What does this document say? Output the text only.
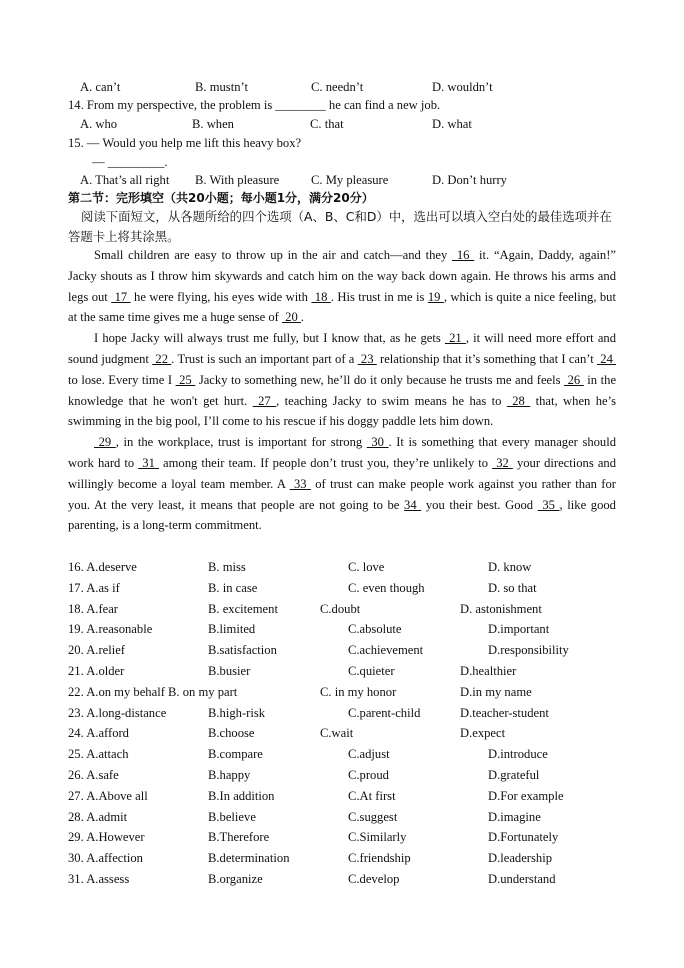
A. can’t	B. mustn’t	C. needn’t	D. wouldn’t
14. From my perspective, the problem is ________ he can find a new job.
A. who	B. when	C. that	D. what
15. — Would you help me lift this heavy box?
— _________.
A. That’s all right B. With pleasure	C. My pleasure	D. Don’t hurry
第二节：完形填空（共20小题；每小题1分，满分20分）
阅读下面短文，从各题所给的四个选项（A、B、C和D）中，选出可以填入空白处的最佳选项并在答题卡上将其涂黑。

Small children are easy to throw up in the air and catch—and they  16  it. “Again, Daddy, again!” Jacky shouts as I throw him skywards and catch him on the way back down again. He throws his arms and legs out  17  he were flying, his eyes wide with  18 . His trust in me is 19 , which is quite a nice feeling, but at the same time gives me a huge sense of  20 .

I hope Jacky will always trust me fully, but I know that, as he gets  21 , it will need more effort and sound judgment  22 . Trust is such an important part of a  23  relationship that it’s something that I can’t  24  to lose. Every time I  25  Jacky to something new, he’ll do it only because he trusts me and feels  26  in the knowledge that he won't get hurt.  27 , teaching Jacky to swim means he has to  28  that, when he’s swimming in the big pool, I’ll come to his rescue if his doggy paddle lets him down.

29 , in the workplace, trust is important for strong  30 . It is something that every manager should work hard to  31  among their team. If people don’t trust you, they’re unlikely to  32  your directions and willingly become a loyal team member. A  33  of trust can make people work against you rather than for you. At the very least, it means that people are not going to be 34  you their best. Good  35 , like good parenting, is a long-term commitment.

16. A.deserve	B. miss	C. love	D. know
17. A.as if	B. in case	C. even though	D. so that
18. A.fear	B. excitement	C.doubt	D. astonishment
19. A.reasonable	B.limited	C.absolute	D.important
20. A.relief	B.satisfaction	C.achievement	D.responsibility
21. A.older	B.busier	C.quieter	D.healthier
22. A.on my behalf B. on my part	C. in my honor	D.in my name
23. A.long-distance	B.high-risk	C.parent-child	D.teacher-student
24. A.afford	B.choose	C.wait	D.expect
25. A.attach	B.compare	C.adjust	D.introduce
26. A.safe	B.happy	C.proud	D.grateful
27. A.Above all	B.In addition	C.At first	D.For example
28. A.admit	B.believe	C.suggest	D.imagine
29. A.However	B.Therefore	C.Similarly	D.Fortunately
30. A.affection	B.determination	C.friendship	D.leadership
31. A.assess	B.organize	C.develop	D.understand
